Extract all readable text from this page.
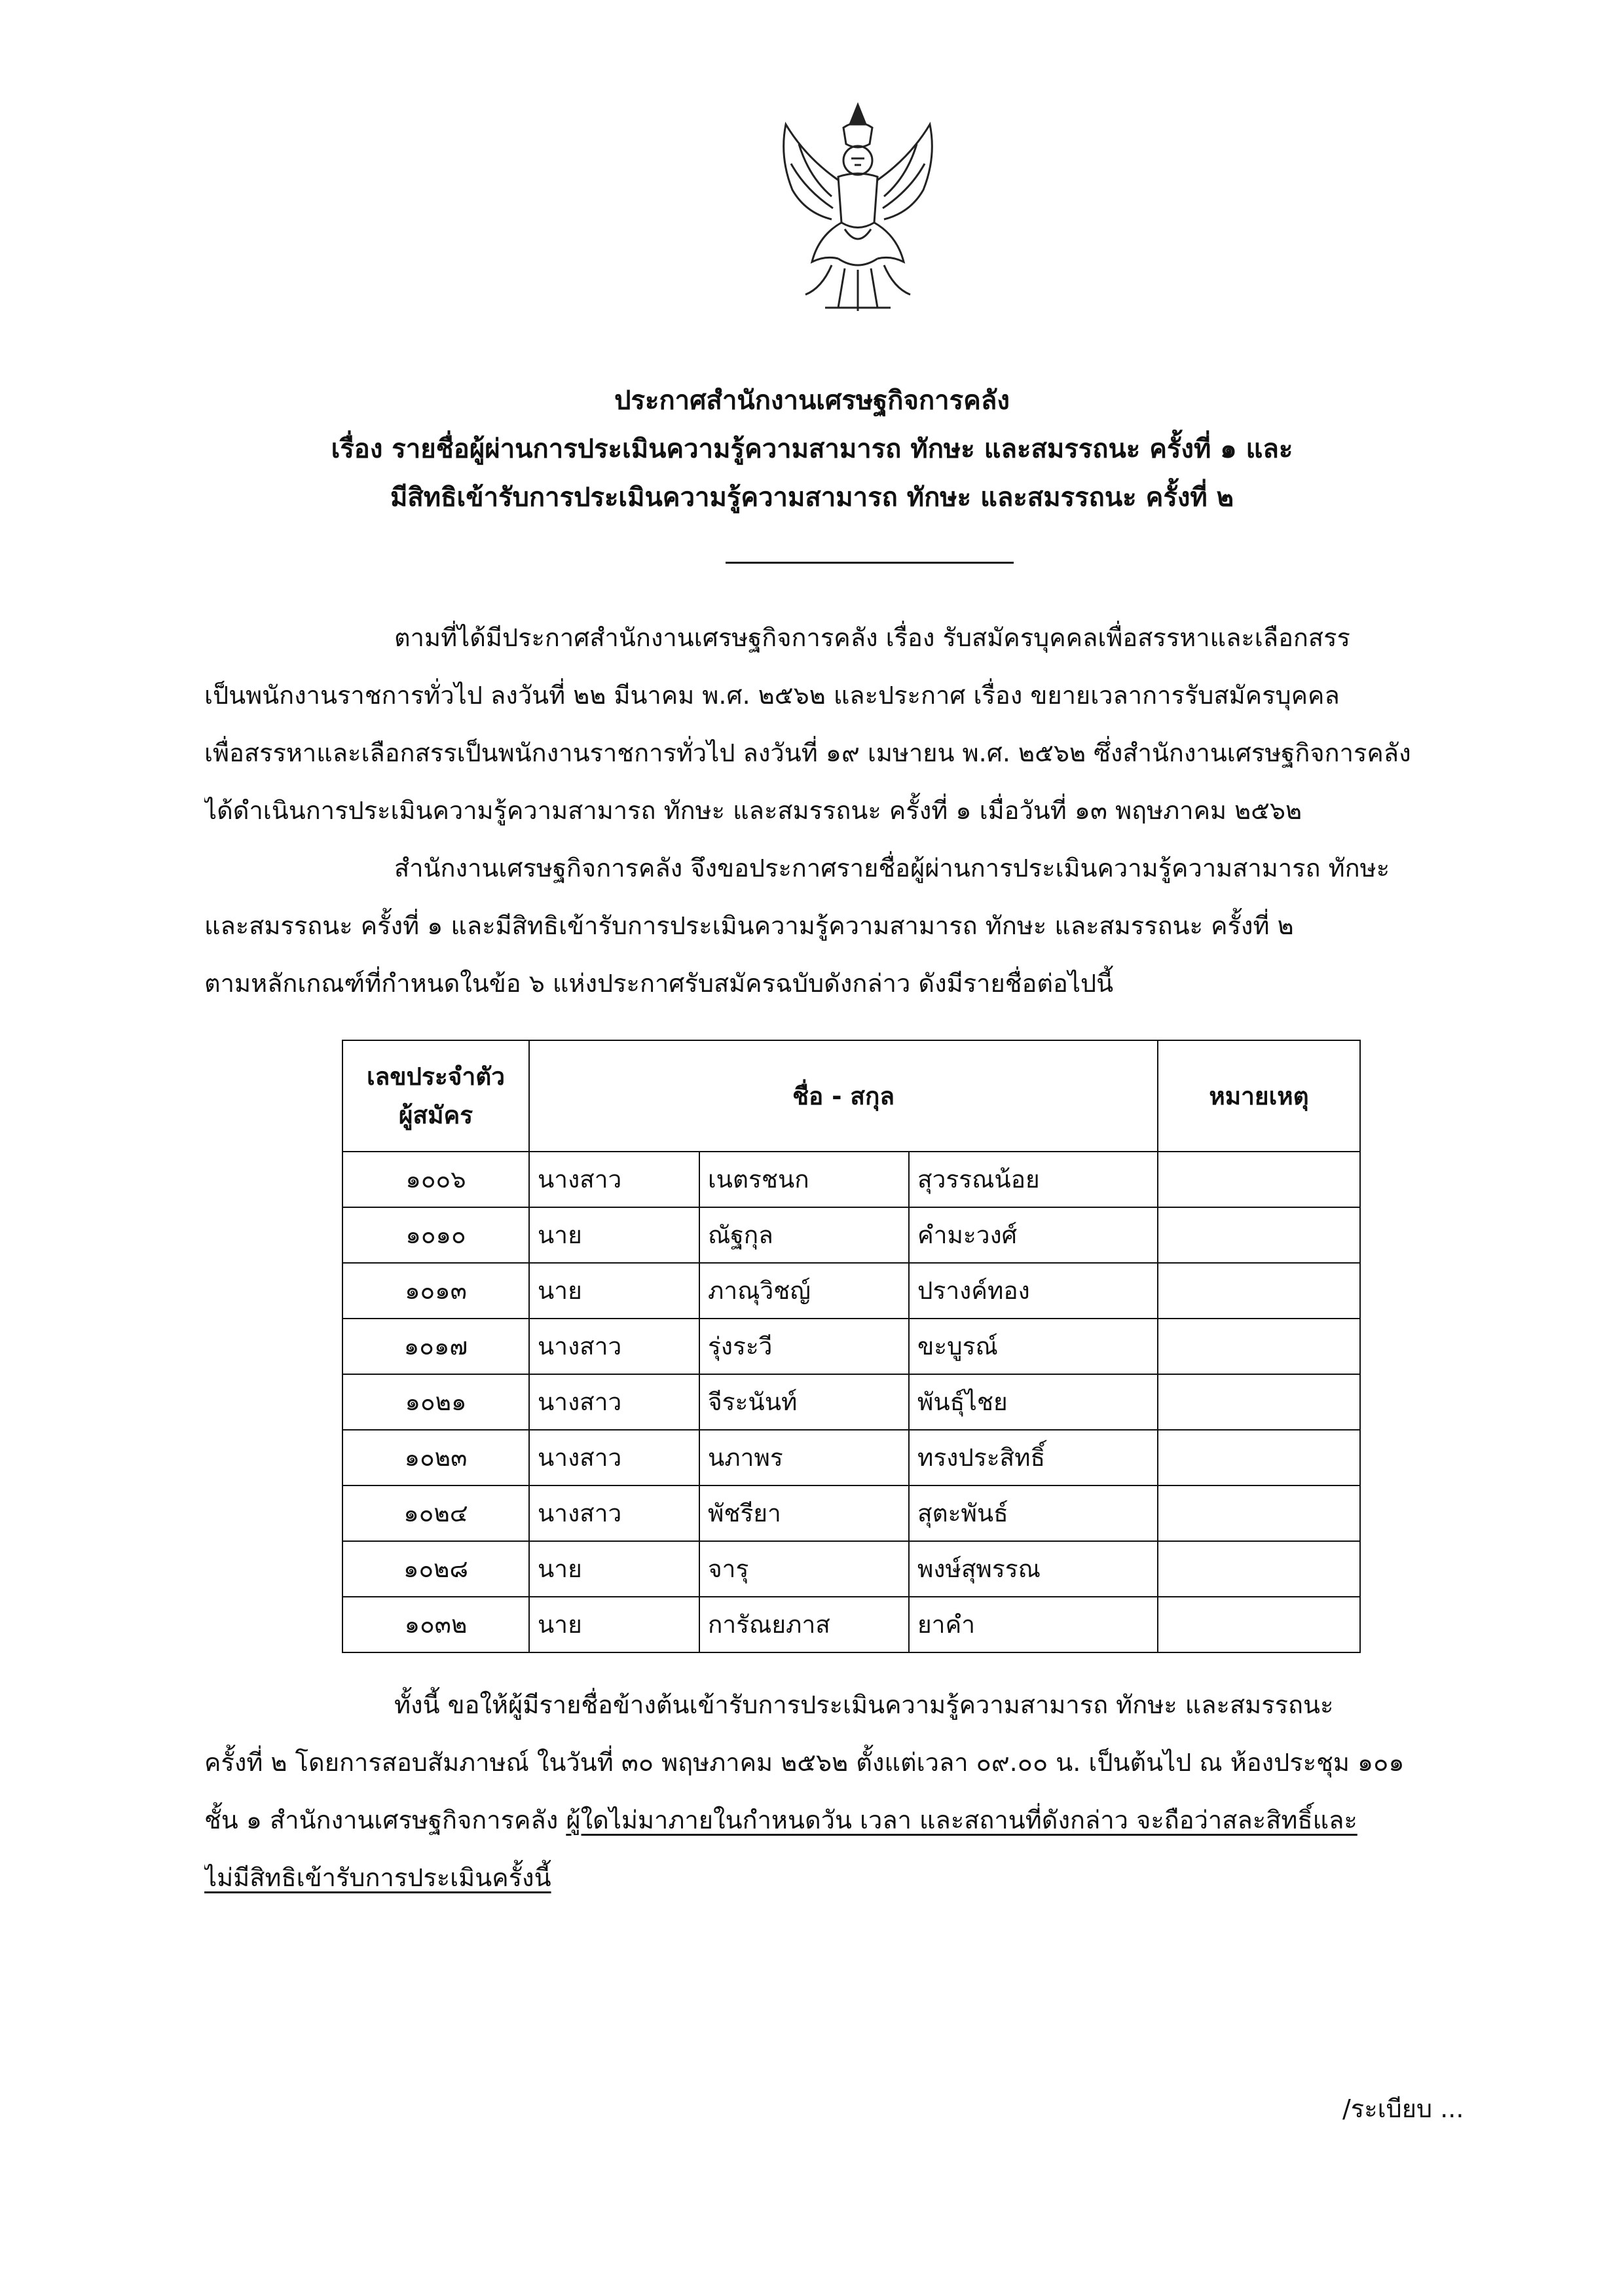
ประกาศสำนักงานเศรษฐกิจการคลัง
เรื่อง รายชื่อผู้ผ่านการประเมินความรู้ความสามารถ ทักษะ และสมรรถนะ ครั้งที่ ๑ และ
มีสิทธิเข้ารับการประเมินความรู้ความสามารถ ทักษะ และสมรรถนะ ครั้งที่ ๒
ตามที่ได้มีประกาศสำนักงานเศรษฐกิจการคลัง เรื่อง รับสมัครบุคคลเพื่อสรรหาและเลือกสรร
เป็นพนักงานราชการทั่วไป ลงวันที่ ๒๒ มีนาคม พ.ศ. ๒๕๖๒ และประกาศ เรื่อง ขยายเวลาการรับสมัครบุคคล
เพื่อสรรหาและเลือกสรรเป็นพนักงานราชการทั่วไป ลงวันที่ ๑๙ เมษายน พ.ศ. ๒๕๖๒ ซึ่งสำนักงานเศรษฐกิจการคลัง
ได้ดำเนินการประเมินความรู้ความสามารถ ทักษะ และสมรรถนะ ครั้งที่ ๑ เมื่อวันที่ ๑๓ พฤษภาคม ๒๕๖๒
สำนักงานเศรษฐกิจการคลัง จึงขอประกาศรายชื่อผู้ผ่านการประเมินความรู้ความสามารถ ทักษะ
และสมรรถนะ ครั้งที่ ๑ และมีสิทธิเข้ารับการประเมินความรู้ความสามารถ ทักษะ และสมรรถนะ ครั้งที่ ๒
ตามหลักเกณฑ์ที่กำหนดในข้อ ๖ แห่งประกาศรับสมัครฉบับดังกล่าว ดังมีรายชื่อต่อไปนี้
เลขประจำตัว
ผู้สมัคร	ชื่อ - สกุล			หมายเหตุ
๑๐๐๖	นางสาว	เนตรชนก	สุวรรณน้อย	
๑๐๑๐	นาย	ณัฐกุล	คำมะวงศ์	
๑๐๑๓	นาย	ภาณุวิชญ์	ปรางค์ทอง	
๑๐๑๗	นางสาว	รุ่งระวี	ขะบูรณ์	
๑๐๒๑	นางสาว	จีระนันท์	พันธุ์ไชย	
๑๐๒๓	นางสาว	นภาพร	ทรงประสิทธิ์	
๑๐๒๔	นางสาว	พัชรียา	สุตะพันธ์	
๑๐๒๘	นาย	จารุ	พงษ์สุพรรณ	
๑๐๓๒	นาย	การัณยภาส	ยาคำ	
ทั้งนี้ ขอให้ผู้มีรายชื่อข้างต้นเข้ารับการประเมินความรู้ความสามารถ ทักษะ และสมรรถนะ
ครั้งที่ ๒ โดยการสอบสัมภาษณ์ ในวันที่ ๓๐ พฤษภาคม ๒๕๖๒ ตั้งแต่เวลา ๐๙.๐๐ น. เป็นต้นไป ณ ห้องประชุม ๑๐๑
ชั้น ๑ สำนักงานเศรษฐกิจการคลัง ผู้ใดไม่มาภายในกำหนดวัน เวลา และสถานที่ดังกล่าว จะถือว่าสละสิทธิ์และ
ไม่มีสิทธิเข้ารับการประเมินครั้งนี้
/ระเบียบ ...
